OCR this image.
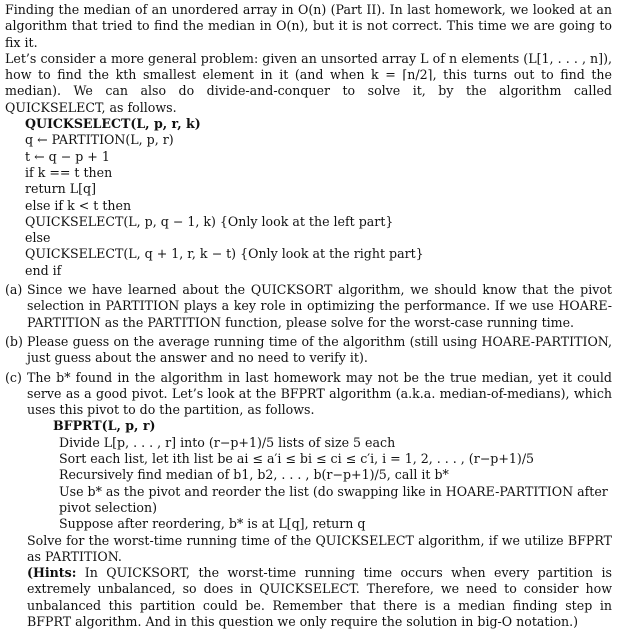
Finding the median of an unordered array in O(n) (Part II). In last homework, we looked at an algorithm that tried to find the median in O(n), but it is not correct. This time we are going to fix it.

Let’s consider a more general problem: given an unsorted array L of n elements (L[1, . . . , n]), how to find the kth smallest element in it (and when k = ⌈n/2⌉, this turns out to find the median). We can also do divide-and-conquer to solve it, by the algorithm called QUICKSELECT, as follows.

QUICKSELECT(L, p, r, k)
q ← PARTITION(L, p, r)
t ← q − p + 1
if k == t then
return L[q]
else if k < t then
QUICKSELECT(L, p, q − 1, k) {Only look at the left part}
else
QUICKSELECT(L, q + 1, r, k − t) {Only look at the right part}
end if
(a) Since we have learned about the QUICKSORT algorithm, we should know that the pivot selection in PARTITION plays a key role in optimizing the performance. If we use HOARE-PARTITION as the PARTITION function, please solve for the worst-case running time.
(b) Please guess on the average running time of the algorithm (still using HOARE-PARTITION, just guess about the answer and no need to verify it).
(c) The b* found in the algorithm in last homework may not be the true median, yet it could serve as a good pivot. Let’s look at the BFPRT algorithm (a.k.a. median-of-medians), which uses this pivot to do the partition, as follows.
BFPRT(L, p, r)
Divide L[p, . . . , r] into (r−p+1)/5 lists of size 5 each
Sort each list, let ith list be ai ≤ a′i ≤ bi ≤ ci ≤ c′i, i = 1, 2, . . . , (r−p+1)/5
Recursively find median of b1, b2, . . . , b(r−p+1)/5, call it b*
Use b* as the pivot and reorder the list (do swapping like in HOARE-PARTITION after pivot selection)
Suppose after reordering, b* is at L[q], return q

Solve for the worst-time running time of the QUICKSELECT algorithm, if we utilize BFPRT as PARTITION.

(Hints: In QUICKSORT, the worst-time running time occurs when every partition is extremely unbalanced, so does in QUICKSELECT. Therefore, we need to consider how unbalanced this partition could be. Remember that there is a median finding step in BFPRT algorithm. And in this question we only require the solution in big-O notation.)
